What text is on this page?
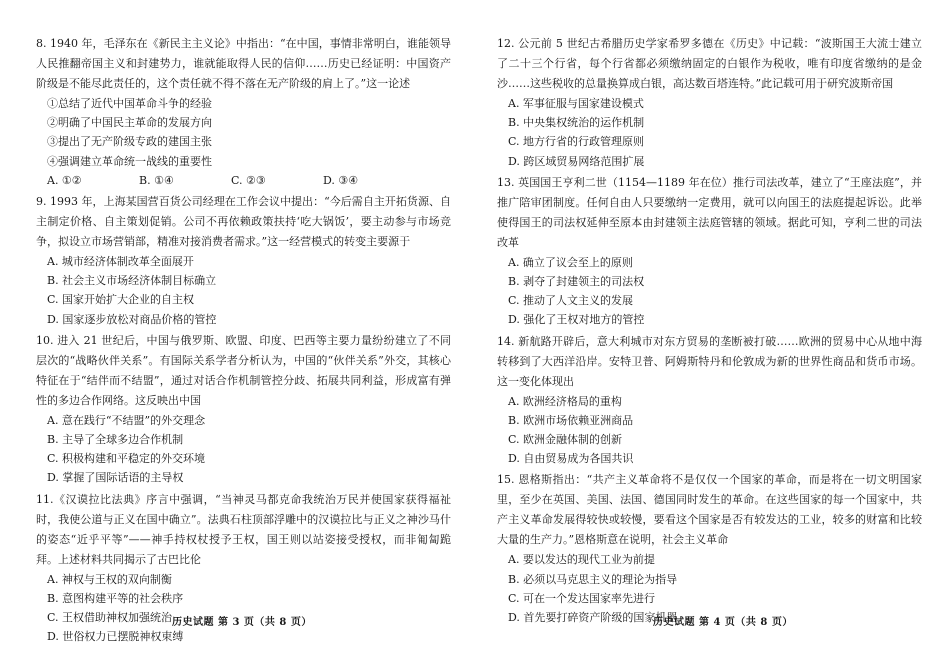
8. 1940 年，毛泽东在《新民主主义论》中指出：“在中国，事情非常明白，谁能领导人民推翻帝国主义和封建势力，谁就能取得人民的信仰……历史已经证明：中国资产阶级是不能尽此责任的，这个责任就不得不落在无产阶级的肩上了。”这一论述

①总结了近代中国革命斗争的经验
②明确了中国民主革命的发展方向
③提出了无产阶级专政的建国主张
④强调建立革命统一战线的重要性
A. ①②	B. ①④	C. ②③	D. ③④

9. 1993 年，上海某国营百货公司经理在工作会议中提出：“今后需自主开拓货源、自主制定价格、自主策划促销。公司不再依赖政策扶持‘吃大锅饭’，要主动参与市场竞争，拟设立市场营销部，精准对接消费者需求。”这一经营模式的转变主要源于

A. 城市经济体制改革全面展开
B. 社会主义市场经济体制目标确立
C. 国家开始扩大企业的自主权
D. 国家逐步放松对商品价格的管控

10. 进入 21 世纪后，中国与俄罗斯、欧盟、印度、巴西等主要力量纷纷建立了不同层次的“战略伙伴关系”。有国际关系学者分析认为，中国的“伙伴关系”外交，其核心特征在于“结伴而不结盟”，通过对话合作机制管控分歧、拓展共同利益，形成富有弹性的多边合作网络。这反映出中国

A. 意在践行“不结盟”的外交理念
B. 主导了全球多边合作机制
C. 积极构建和平稳定的外交环境
D. 掌握了国际话语的主导权

11.《汉谟拉比法典》序言中强调，“当神灵马都克命我统治万民并使国家获得福祉时，我使公道与正义在国中确立”。法典石柱顶部浮雕中的汉谟拉比与正义之神沙马什的姿态“近乎平等”——神手持权杖授予王权，国王则以站姿接受授权，而非匍匐跪拜。上述材料共同揭示了古巴比伦

A. 神权与王权的双向制衡
B. 意图构建平等的社会秩序
C. 王权借助神权加强统治
D. 世俗权力已摆脱神权束缚
历史试题 第 3 页（共 8 页）

12. 公元前 5 世纪古希腊历史学家希罗多德在《历史》中记载：“波斯国王大流士建立了二十三个行省，每个行省都必须缴纳固定的白银作为税收，唯有印度省缴纳的是金沙……这些税收的总量换算成白银，高达数百塔连特。”此记载可用于研究波斯帝国

A. 军事征服与国家建设模式
B. 中央集权统治的运作机制
C. 地方行省的行政管理原则
D. 跨区域贸易网络范围扩展

13. 英国国王亨利二世（1154—1189 年在位）推行司法改革，建立了“王座法庭”，并推广陪审团制度。任何自由人只要缴纳一定费用，就可以向国王的法庭提起诉讼。此举使得国王的司法权延伸至原本由封建领主法庭管辖的领域。据此可知，亨利二世的司法改革

A. 确立了议会至上的原则
B. 剥夺了封建领主的司法权
C. 推动了人文主义的发展
D. 强化了王权对地方的管控

14. 新航路开辟后，意大利城市对东方贸易的垄断被打破……欧洲的贸易中心从地中海转移到了大西洋沿岸。安特卫普、阿姆斯特丹和伦敦成为新的世界性商品和货币市场。这一变化体现出

A. 欧洲经济格局的重构
B. 欧洲市场依赖亚洲商品
C. 欧洲金融体制的创新
D. 自由贸易成为各国共识

15. 恩格斯指出：“共产主义革命将不是仅仅一个国家的革命，而是将在一切文明国家里，至少在英国、美国、法国、德国同时发生的革命。在这些国家的每一个国家中，共产主义革命发展得较快或较慢，要看这个国家是否有较发达的工业，较多的财富和比较大量的生产力。”恩格斯意在说明，社会主义革命

A. 要以发达的现代工业为前提
B. 必须以马克思主义的理论为指导
C. 可在一个发达国家率先进行
D. 首先要打碎资产阶级的国家机器
历史试题 第 4 页（共 8 页）
